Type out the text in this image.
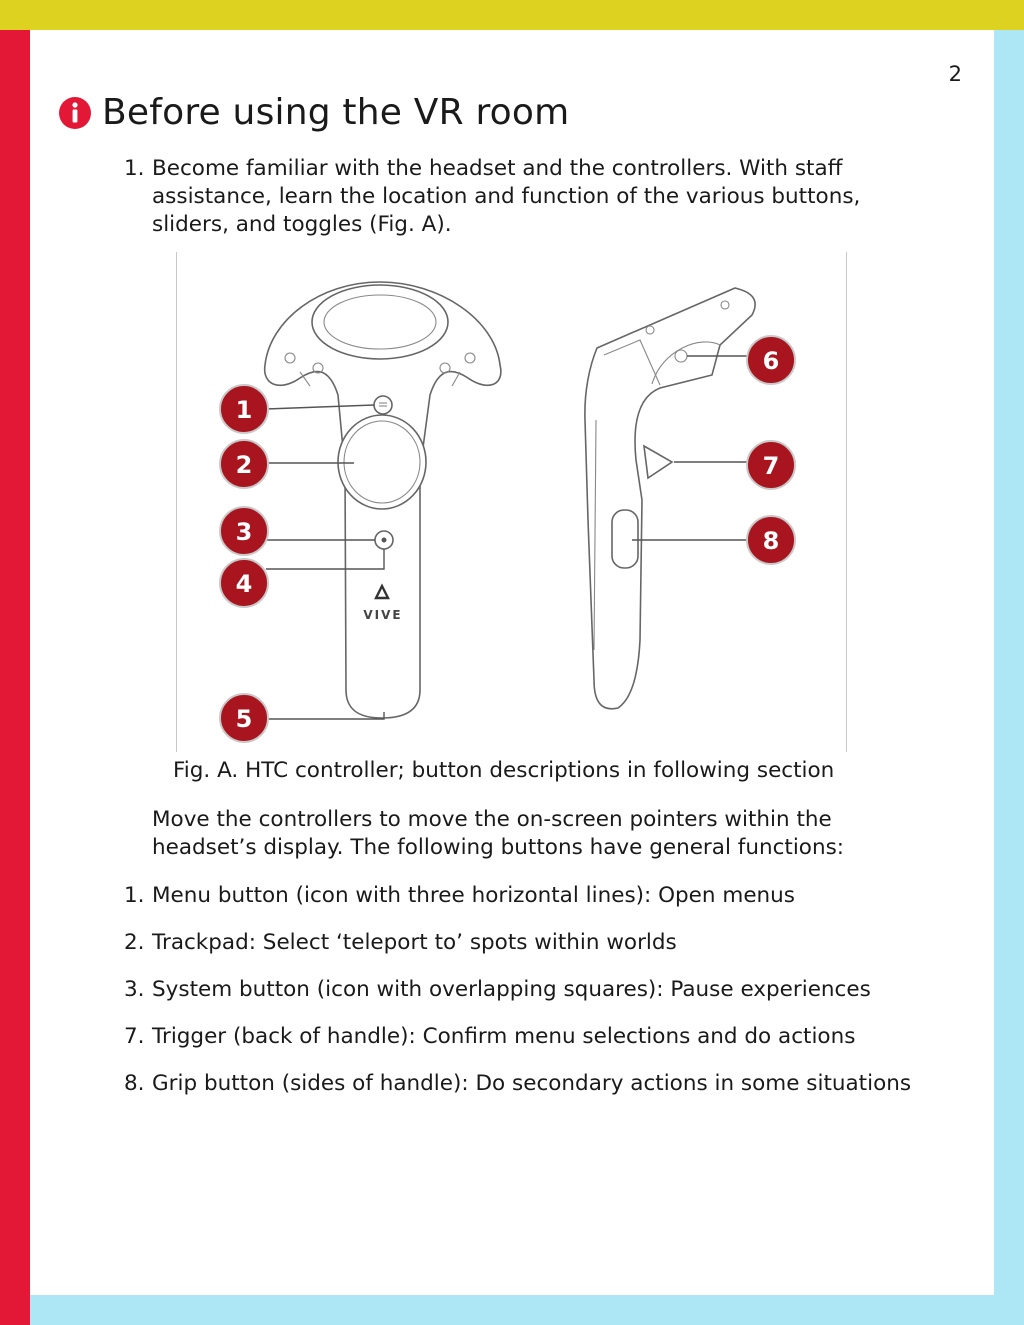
2
Before using the VR room
1. Become familiar with the headset and the controllers. With staff assistance, learn the location and function of the various buttons, sliders, and toggles (Fig. A).
VIVE
1
2
3
4
5
6
7
8
Fig. A. HTC controller; button descriptions in following section
Move the controllers to move the on-screen pointers within the headset’s display. The following buttons have general functions:
1. Menu button (icon with three horizontal lines): Open menus
2. Trackpad: Select ‘teleport to’ spots within worlds
3. System button (icon with overlapping squares): Pause experiences
7. Trigger (back of handle): Confirm menu selections and do actions
8. Grip button (sides of handle): Do secondary actions in some situations
